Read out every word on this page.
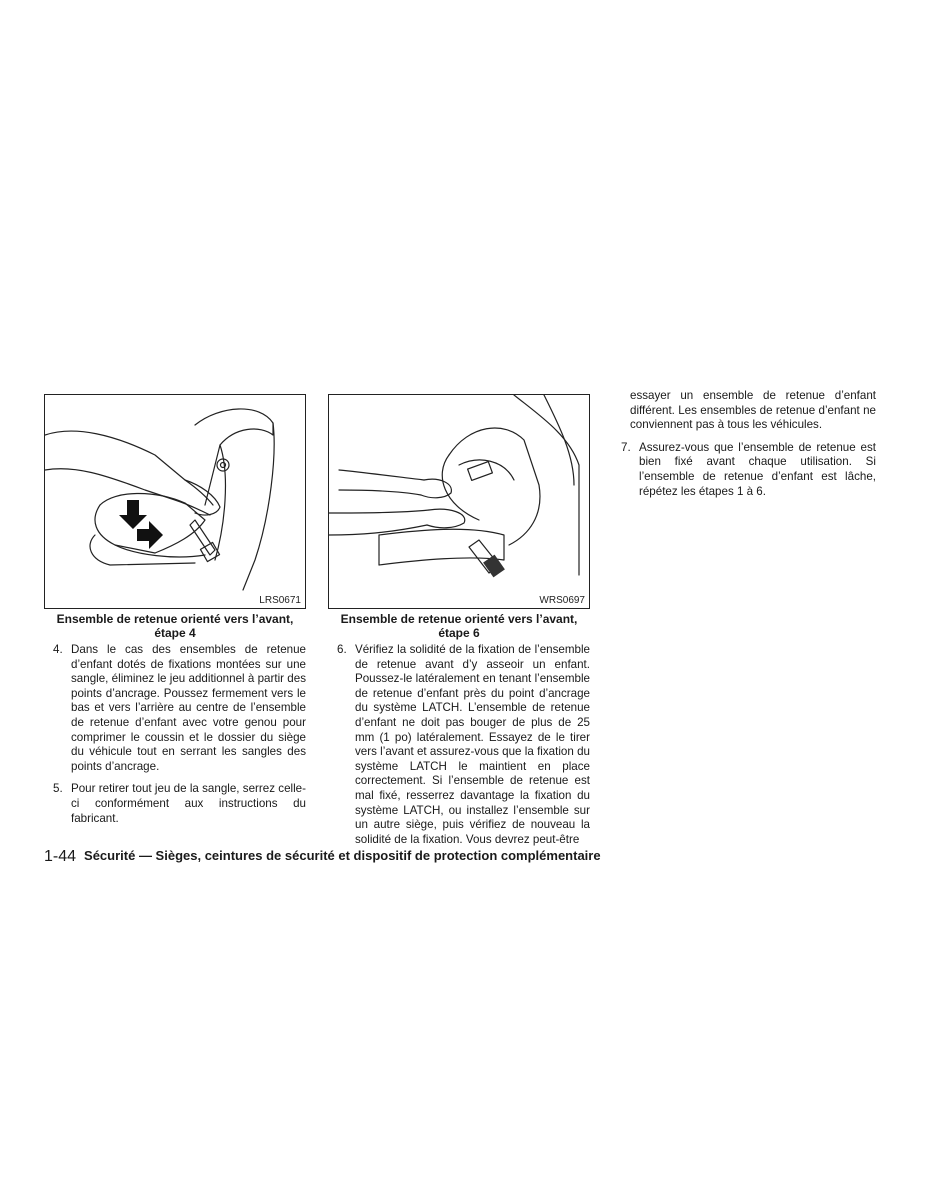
LRS0671
Ensemble de retenue orienté vers l’avant,
étape 4
WRS0697
Ensemble de retenue orienté vers l’avant,
étape 6
4. Dans le cas des ensembles de retenue d’enfant dotés de fixations montées sur une sangle, éliminez le jeu additionnel à partir des points d’ancrage. Poussez fermement vers le bas et vers l’arrière au centre de l’ensemble de retenue d’enfant avec votre genou pour comprimer le coussin et le dossier du siège du véhicule tout en serrant les sangles des points d’ancrage.
5. Pour retirer tout jeu de la sangle, serrez celle-ci conformément aux instructions du fabricant.
6. Vérifiez la solidité de la fixation de l’ensemble de retenue avant d’y asseoir un enfant. Poussez-le latéralement en tenant l’ensemble de retenue d’enfant près du point d’ancrage du système LATCH. L’ensemble de retenue d’enfant ne doit pas bouger de plus de 25 mm (1 po) latéralement. Essayez de le tirer vers l’avant et assurez-vous que la fixation du système LATCH le maintient en place correctement. Si l’ensemble de retenue est mal fixé, resserrez davantage la fixation du système LATCH, ou installez l’ensemble sur un autre siège, puis vérifiez de nouveau la solidité de la fixation. Vous devrez peut-être
essayer un ensemble de retenue d’enfant différent. Les ensembles de retenue d’enfant ne conviennent pas à tous les véhicules.
7. Assurez-vous que l’ensemble de retenue est bien fixé avant chaque utilisation. Si l’ensemble de retenue d’enfant est lâche, répétez les étapes 1 à 6.
1-44 Sécurité — Sièges, ceintures de sécurité et dispositif de protection complémentaire
